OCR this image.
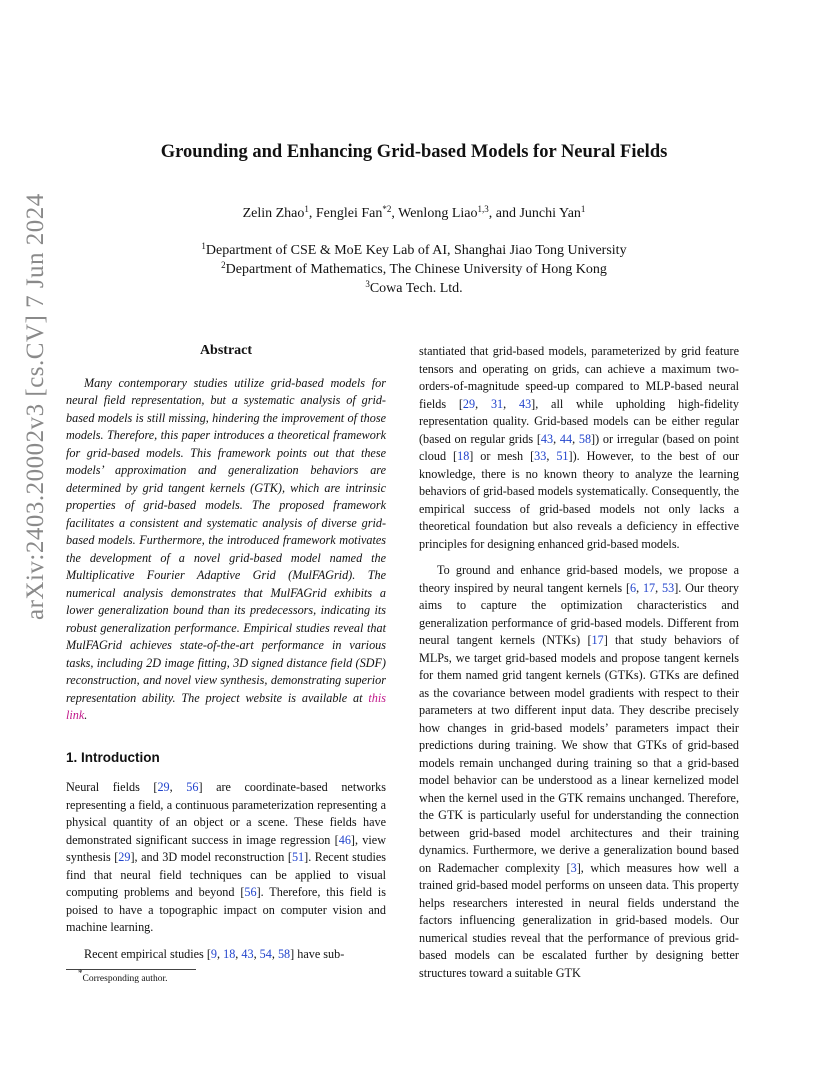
arXiv:2403.20002v3 [cs.CV] 7 Jun 2024
Grounding and Enhancing Grid-based Models for Neural Fields
Zelin Zhao$^1$, Fenglei Fan$^{*2}$, Wenlong Liao$^{1,3}$, and Junchi Yan$^1$
$^1$Department of CSE & MoE Key Lab of AI, Shanghai Jiao Tong University
$^2$Department of Mathematics, The Chinese University of Hong Kong
$^3$Cowa Tech. Ltd.
Abstract

Many contemporary studies utilize grid-based models for neural field representation, but a systematic analysis of grid-based models is still missing, hindering the improvement of those models. Therefore, this paper introduces a theoretical framework for grid-based models. This framework points out that these models’ approximation and generalization behaviors are determined by grid tangent kernels (GTK), which are intrinsic properties of grid-based models. The proposed framework facilitates a consistent and systematic analysis of diverse grid-based models. Furthermore, the introduced framework motivates the development of a novel grid-based model named the Multiplicative Fourier Adaptive Grid (MulFAGrid). The numerical analysis demonstrates that MulFAGrid exhibits a lower generalization bound than its predecessors, indicating its robust generalization performance. Empirical studies reveal that MulFAGrid achieves state-of-the-art performance in various tasks, including 2D image fitting, 3D signed distance field (SDF) reconstruction, and novel view synthesis, demonstrating superior representation ability. The project website is available at this link.

1. Introduction

Neural fields [29, 56] are coordinate-based networks representing a field, a continuous parameterization representing a physical quantity of an object or a scene. These fields have demonstrated significant success in image regression [46], view synthesis [29], and 3D model reconstruction [51]. Recent studies find that neural field techniques can be applied to visual computing problems and beyond [56]. Therefore, this field is poised to have a topographic impact on computer vision and machine learning.

Recent empirical studies [9, 18, 43, 54, 58] have sub-

*Corresponding author.

stantiated that grid-based models, parameterized by grid feature tensors and operating on grids, can achieve a maximum two-orders-of-magnitude speed-up compared to MLP-based neural fields [29, 31, 43], all while upholding high-fidelity representation quality. Grid-based models can be either regular (based on regular grids [43, 44, 58]) or irregular (based on point cloud [18] or mesh [33, 51]). However, to the best of our knowledge, there is no known theory to analyze the learning behaviors of grid-based models systematically. Consequently, the empirical success of grid-based models not only lacks a theoretical foundation but also reveals a deficiency in effective principles for designing enhanced grid-based models.

To ground and enhance grid-based models, we propose a theory inspired by neural tangent kernels [6, 17, 53]. Our theory aims to capture the optimization characteristics and generalization performance of grid-based models. Different from neural tangent kernels (NTKs) [17] that study behaviors of MLPs, we target grid-based models and propose tangent kernels for them named grid tangent kernels (GTKs). GTKs are defined as the covariance between model gradients with respect to their parameters at two different input data. They describe precisely how changes in grid-based models’ parameters impact their predictions during training. We show that GTKs of grid-based models remain unchanged during training so that a grid-based model behavior can be understood as a linear kernelized model when the kernel used in the GTK remains unchanged. Therefore, the GTK is particularly useful for understanding the connection between grid-based model architectures and their training dynamics. Furthermore, we derive a generalization bound based on Rademacher complexity [3], which measures how well a trained grid-based model performs on unseen data. This property helps researchers interested in neural fields understand the factors influencing generalization in grid-based models. Our numerical studies reveal that the performance of previous grid-based models can be escalated further by designing better structures toward a suitable GTK
